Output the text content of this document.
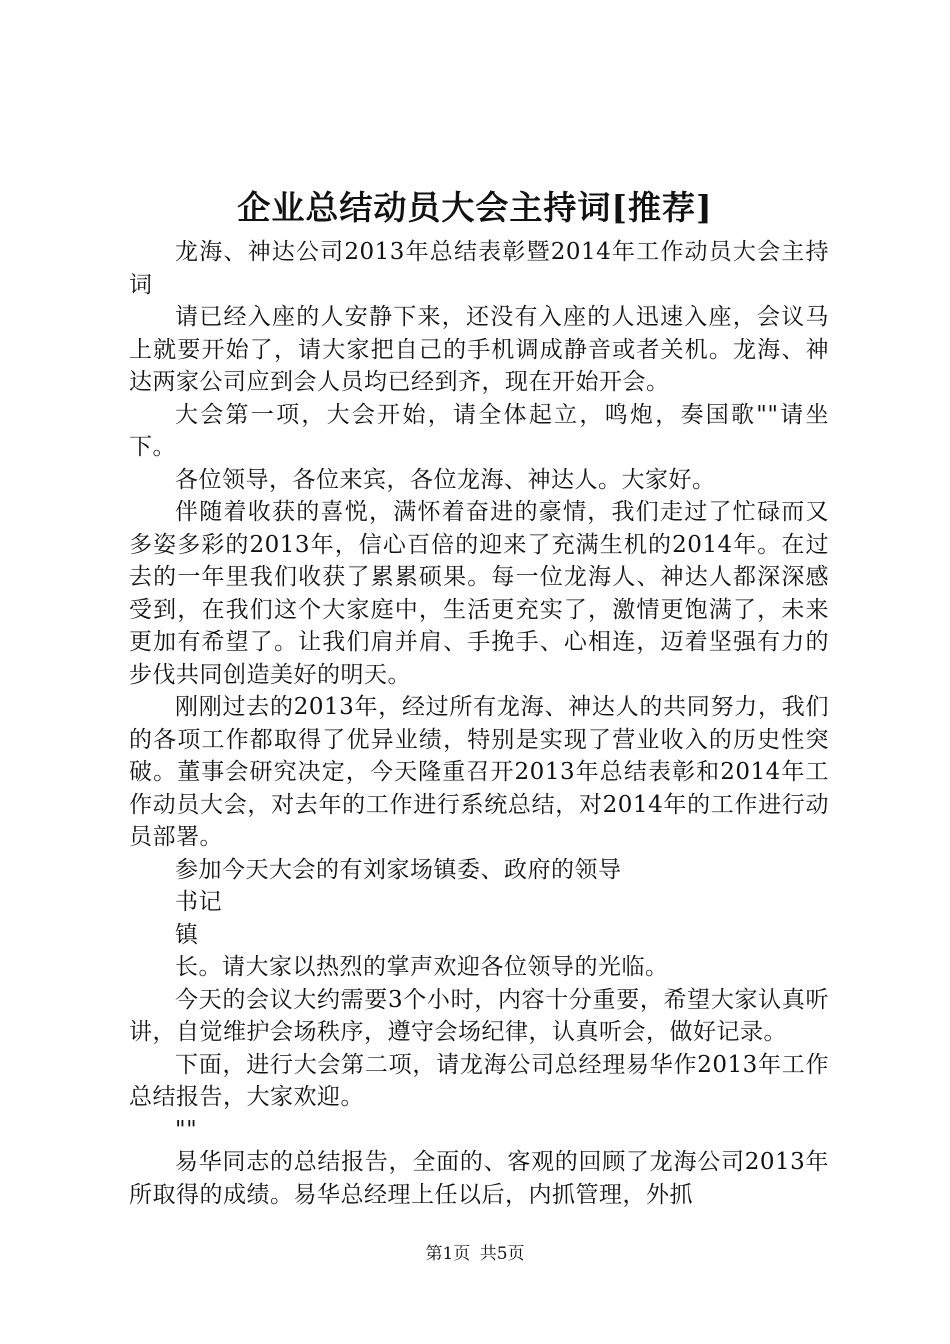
企业总结动员大会主持词[推荐]

龙海、神达公司2013年总结表彰暨2014年工作动员大会主持词

请已经入座的人安静下来，还没有入座的人迅速入座，会议马上就要开始了，请大家把自己的手机调成静音或者关机。龙海、神达两家公司应到会人员均已经到齐，现在开始开会。

大会第一项，大会开始，请全体起立，鸣炮，奏国歌""请坐下。

各位领导，各位来宾，各位龙海、神达人。大家好。

伴随着收获的喜悦，满怀着奋进的豪情，我们走过了忙碌而又多姿多彩的2013年，信心百倍的迎来了充满生机的2014年。在过去的一年里我们收获了累累硕果。每一位龙海人、神达人都深深感受到，在我们这个大家庭中，生活更充实了，激情更饱满了，未来更加有希望了。让我们肩并肩、手挽手、心相连，迈着坚强有力的步伐共同创造美好的明天。

刚刚过去的2013年，经过所有龙海、神达人的共同努力，我们的各项工作都取得了优异业绩，特别是实现了营业收入的历史性突破。董事会研究决定，今天隆重召开2013年总结表彰和2014年工作动员大会，对去年的工作进行系统总结，对2014年的工作进行动员部署。

参加今天大会的有刘家场镇委、政府的领导

书记

镇

长。请大家以热烈的掌声欢迎各位领导的光临。

今天的会议大约需要3个小时，内容十分重要，希望大家认真听讲，自觉维护会场秩序，遵守会场纪律，认真听会，做好记录。

下面，进行大会第二项，请龙海公司总经理易华作2013年工作总结报告，大家欢迎。

""

易华同志的总结报告，全面的、客观的回顾了龙海公司2013年所取得的成绩。易华总经理上任以后，内抓管理，外抓

第1页 共5页
